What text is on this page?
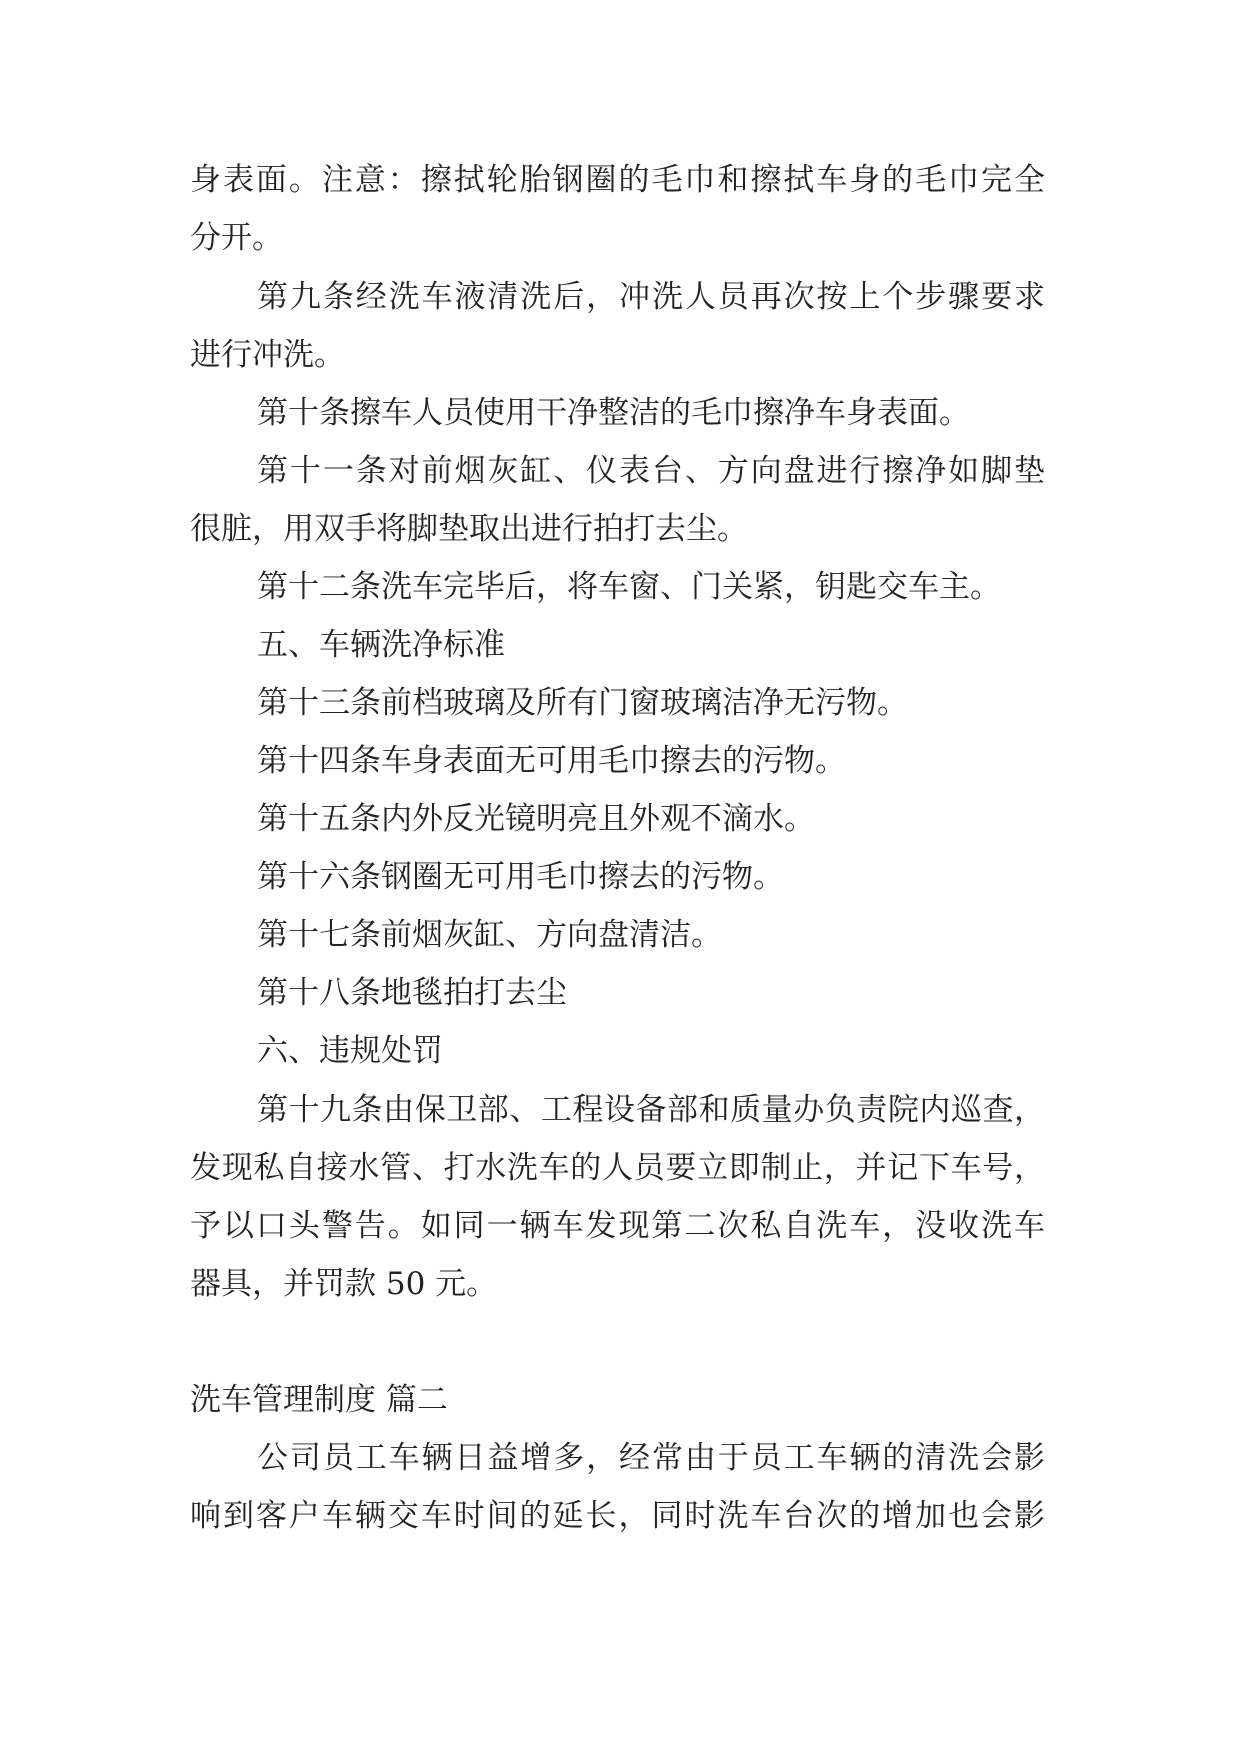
身表面。注意：擦拭轮胎钢圈的毛巾和擦拭车身的毛巾完全
分开。
第九条经洗车液清洗后，冲洗人员再次按上个步骤要求
进行冲洗。
第十条擦车人员使用干净整洁的毛巾擦净车身表面。
第十一条对前烟灰缸、仪表台、方向盘进行擦净如脚垫
很脏，用双手将脚垫取出进行拍打去尘。
第十二条洗车完毕后，将车窗、门关紧，钥匙交车主。
五、车辆洗净标准
第十三条前档玻璃及所有门窗玻璃洁净无污物。
第十四条车身表面无可用毛巾擦去的污物。
第十五条内外反光镜明亮且外观不滴水。
第十六条钢圈无可用毛巾擦去的污物。
第十七条前烟灰缸、方向盘清洁。
第十八条地毯拍打去尘
六、违规处罚
第十九条由保卫部、工程设备部和质量办负责院内巡查，
发现私自接水管、打水洗车的人员要立即制止，并记下车号，
予以口头警告。如同一辆车发现第二次私自洗车，没收洗车
器具，并罚款 50 元。
洗车管理制度 篇二
公司员工车辆日益增多，经常由于员工车辆的清洗会影
响到客户车辆交车时间的延长，同时洗车台次的增加也会影
